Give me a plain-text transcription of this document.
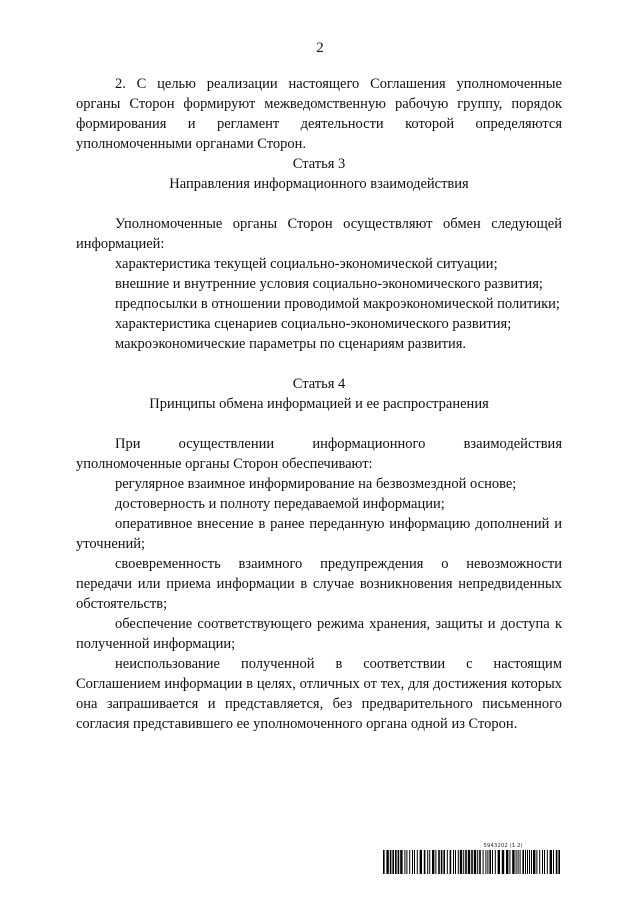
2

2. С целью реализации настоящего Соглашения уполномоченные органы Сторон формируют межведомственную рабочую группу, порядок формирования и регламент деятельности которой определяются уполномоченными органами Сторон.

Статья 3

Направления информационного взаимодействия

Уполномоченные органы Сторон осуществляют обмен следующей информацией:

характеристика текущей социально-экономической ситуации;

внешние и внутренние условия социально-экономического развития;

предпосылки в отношении проводимой макроэкономической политики;

характеристика сценариев социально-экономического развития;

макроэкономические параметры по сценариям развития.

Статья 4

Принципы обмена информацией и ее распространения

При осуществлении информационного взаимодействия уполномоченные органы Сторон обеспечивают:

регулярное взаимное информирование на безвозмездной основе;

достоверность и полноту передаваемой информации;

оперативное внесение в ранее переданную информацию дополнений и уточнений;

своевременность взаимного предупреждения о невозможности передачи или приема информации в случае возникновения непредвиденных обстоятельств;

обеспечение соответствующего режима хранения, защиты и доступа к полученной информации;

неиспользование полученной в соответствии с настоящим Соглашением информации в целях, отличных от тех, для достижения которых она запрашивается и представляется, без предварительного письменного согласия представившего ее уполномоченного органа одной из Сторон.

5943202 (1.2)
